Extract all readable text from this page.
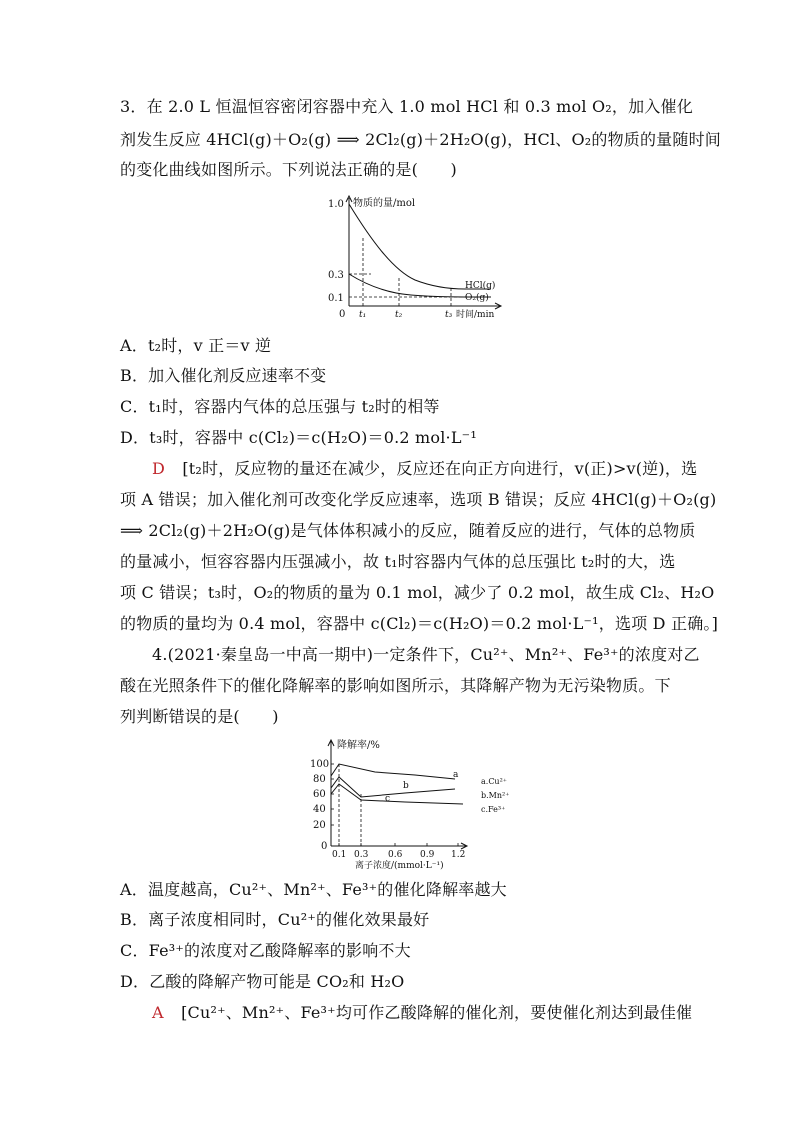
3．在 2.0 L 恒温恒容密闭容器中充入 1.0 mol HCl 和 0.3 mol O₂，加入催化
剂发生反应 4HCl(g)＋O₂(g) ⟹ 2Cl₂(g)＋2H₂O(g)，HCl、O₂的物质的量随时间
的变化曲线如图所示。下列说法正确的是(　　)
物质的量/mol
1.0
0.3
0.1
0 t₁	t₂	t₃ 时间/min
HCl(g)
O₂(g)
A．t₂时，v 正＝v 逆
B．加入催化剂反应速率不变
C．t₁时，容器内气体的总压强与 t₂时的相等
D．t₃时，容器中 c(Cl₂)＝c(H₂O)＝0.2 mol·L⁻¹
D [t₂时，反应物的量还在减少，反应还在向正方向进行，v(正)>v(逆)，选
项 A 错误；加入催化剂可改变化学反应速率，选项 B 错误；反应 4HCl(g)＋O₂(g)
⟹ 2Cl₂(g)＋2H₂O(g)是气体体积减小的反应，随着反应的进行，气体的总物质
的量减小，恒容容器内压强减小，故 t₁时容器内气体的总压强比 t₂时的大，选
项 C 错误；t₃时，O₂的物质的量为 0.1 mol，减少了 0.2 mol，故生成 Cl₂、H₂O
的物质的量均为 0.4 mol，容器中 c(Cl₂)＝c(H₂O)＝0.2 mol·L⁻¹，选项 D 正确。]
4.(2021·秦皇岛一中高一期中)一定条件下，Cu²⁺、Mn²⁺、Fe³⁺的浓度对乙
酸在光照条件下的催化降解率的影响如图所示，其降解产物为无污染物质。下
列判断错误的是(　　)
降解率/%
100
80
60
40
20
0
0.1 0.3 0.6 0.9 1.2
离子浓度/(mmol·L⁻¹)
a
b
c
a.Cu²⁺
b.Mn²⁺
c.Fe³⁺
A．温度越高，Cu²⁺、Mn²⁺、Fe³⁺的催化降解率越大
B．离子浓度相同时，Cu²⁺的催化效果最好
C．Fe³⁺的浓度对乙酸降解率的影响不大
D．乙酸的降解产物可能是 CO₂和 H₂O
A [Cu²⁺、Mn²⁺、Fe³⁺均可作乙酸降解的催化剂，要使催化剂达到最佳催
